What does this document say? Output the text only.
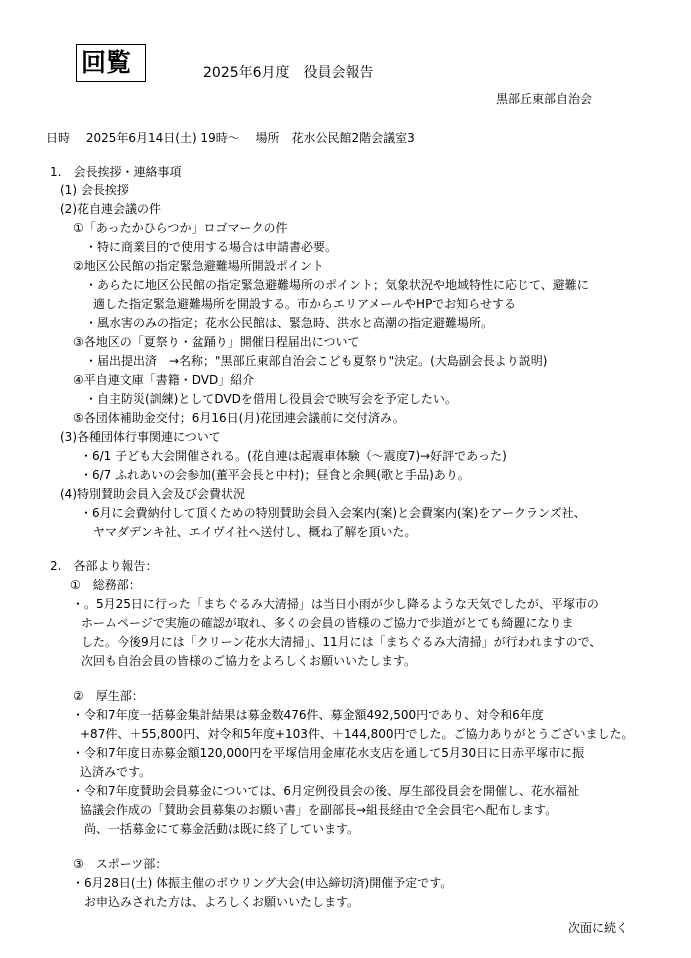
回覧	2025年6月度　役員会報告
黒部丘東部自治会
日時　 2025年6月14日(土) 19時～　 場所　花水公民館2階会議室3
1.　会長挨拶・連絡事項
(1) 会長挨拶
(2)花自連会議の件
①「あったかひらつか」ロゴマークの件
・特に商業目的で使用する場合は申請書必要。
②地区公民館の指定緊急避難場所開設ポイント
・あらたに地区公民館の指定緊急避難場所のポイント；気象状況や地域特性に応じて、避難に
適した指定緊急避難場所を開設する。市からエリアメールやHPでお知らせする
・風水害のみの指定；花水公民館は、緊急時、洪水と高潮の指定避難場所。
③各地区の「夏祭り・盆踊り」開催日程届出について
・届出提出済　→名称；"黒部丘東部自治会こども夏祭り"決定。(大島副会長より説明)
④平自連文庫「書籍・DVD」紹介
・自主防災(訓練)としてDVDを借用し役員会で映写会を予定したい。
⑤各団体補助金交付；6月16日(月)花団連会議前に交付済み。
(3)各種団体行事関連について
・6/1 子ども大会開催される。(花自連は起震車体験（～震度7)→好評であった)
・6/7 ふれあいの会参加(董平会長と中村)；昼食と余興(歌と手品)あり。
(4)特別賛助会員入会及び会費状況
・6月に会費納付して頂くための特別賛助会員入会案内(案)と会費案内(案)をアークランズ社、
ヤマダデンキ社、エイヴイ社へ送付し、概ね了解を頂いた。
2.　各部より報告：
①　総務部：
・。5月25日に行った「まちぐるみ大清掃」は当日小雨が少し降るような天気でしたが、平塚市の
ホームページで実施の確認が取れ、多くの会員の皆様のご協力で歩道がとても綺麗になりま
した。今後9月には「クリーン花水大清掃」、11月には「まちぐるみ大清掃」が行われますので、
次回も自治会員の皆様のご協力をよろしくお願いいたします。
②　厚生部：
・令和7年度一括募金集計結果は募金数476件、募金額492,500円であり、対令和6年度
+87件、＋55,800円、対令和5年度+103件、＋144,800円でした。ご協力ありがとうございました。
・令和7年度日赤募金額120,000円を平塚信用金庫花水支店を通して5月30日に日赤平塚市に振
込済みです。
・令和7年度賛助会員募金については、6月定例役員会の後、厚生部役員会を開催し、花水福祉
協議会作成の「賛助会員募集のお願い書」を副部長→組長経由で全会員宅へ配布します。
尚、一括募金にて募金活動は既に終了しています。
③　スポーツ部：
・6月28日(土) 体振主催のボウリング大会(申込締切済)開催予定です。
お申込みされた方は、よろしくお願いいたします。
次面に続く
